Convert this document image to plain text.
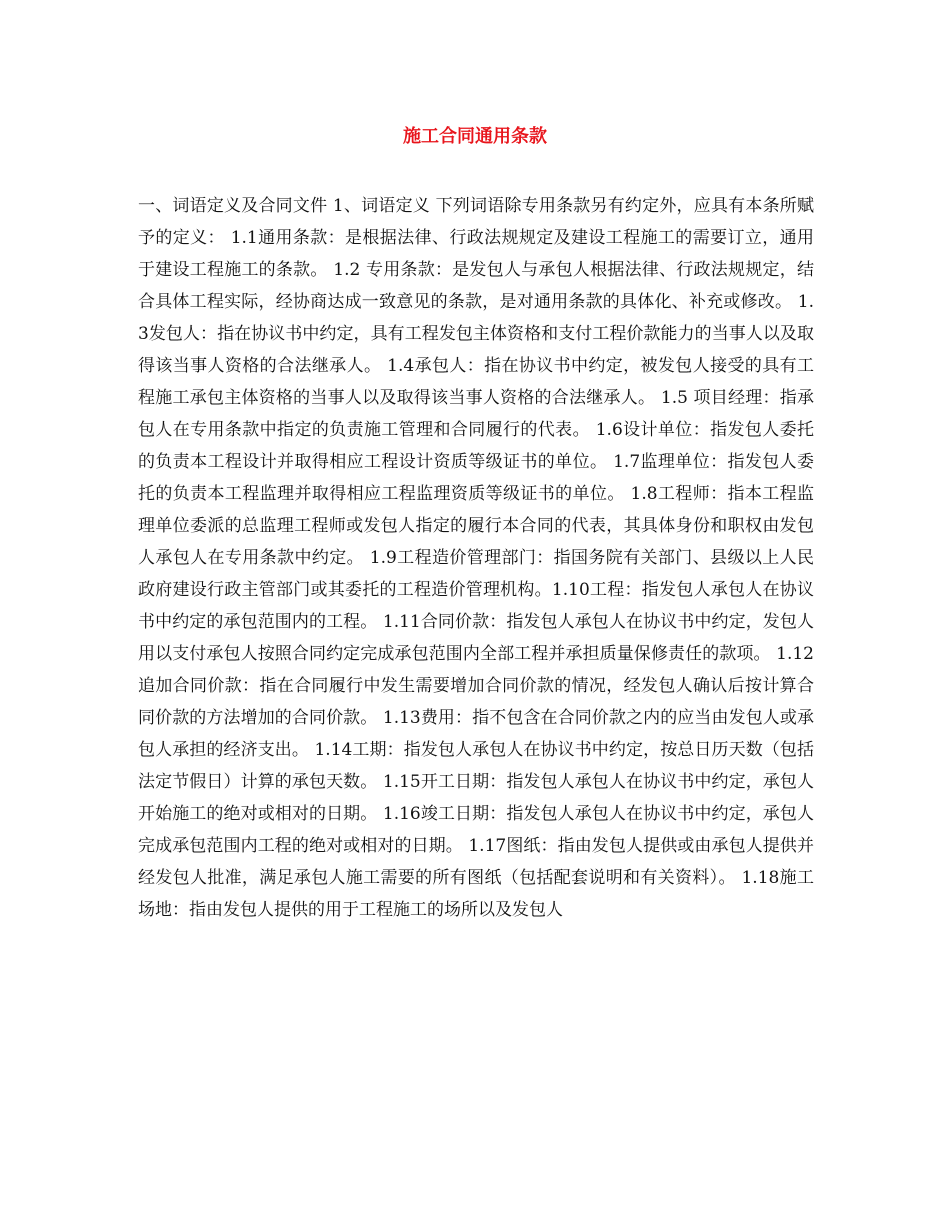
施工合同通用条款

一、词语定义及合同文件 1、词语定义 下列词语除专用条款另有约定外，应具有本条所赋予的定义： 1.1通用条款：是根据法律、行政法规规定及建设工程施工的需要订立，通用于建设工程施工的条款。 1.2 专用条款：是发包人与承包人根据法律、行政法规规定，结合具体工程实际，经协商达成一致意见的条款，是对通用条款的具体化、补充或修改。 1.3发包人：指在协议书中约定，具有工程发包主体资格和支付工程价款能力的当事人以及取得该当事人资格的合法继承人。 1.4承包人：指在协议书中约定，被发包人接受的具有工程施工承包主体资格的当事人以及取得该当事人资格的合法继承人。 1.5 项目经理：指承包人在专用条款中指定的负责施工管理和合同履行的代表。 1.6设计单位：指发包人委托的负责本工程设计并取得相应工程设计资质等级证书的单位。 1.7监理单位：指发包人委托的负责本工程监理并取得相应工程监理资质等级证书的单位。 1.8工程师：指本工程监理单位委派的总监理工程师或发包人指定的履行本合同的代表，其具体身份和职权由发包人承包人在专用条款中约定。 1.9工程造价管理部门：指国务院有关部门、县级以上人民政府建设行政主管部门或其委托的工程造价管理机构。1.10工程：指发包人承包人在协议书中约定的承包范围内的工程。 1.11合同价款：指发包人承包人在协议书中约定，发包人用以支付承包人按照合同约定完成承包范围内全部工程并承担质量保修责任的款项。 1.12追加合同价款：指在合同履行中发生需要增加合同价款的情况，经发包人确认后按计算合同价款的方法增加的合同价款。 1.13费用：指不包含在合同价款之内的应当由发包人或承包人承担的经济支出。 1.14工期：指发包人承包人在协议书中约定，按总日历天数（包括法定节假日）计算的承包天数。 1.15开工日期：指发包人承包人在协议书中约定，承包人开始施工的绝对或相对的日期。 1.16竣工日期：指发包人承包人在协议书中约定，承包人完成承包范围内工程的绝对或相对的日期。 1.17图纸：指由发包人提供或由承包人提供并经发包人批准，满足承包人施工需要的所有图纸（包括配套说明和有关资料）。 1.18施工场地：指由发包人提供的用于工程施工的场所以及发包人
